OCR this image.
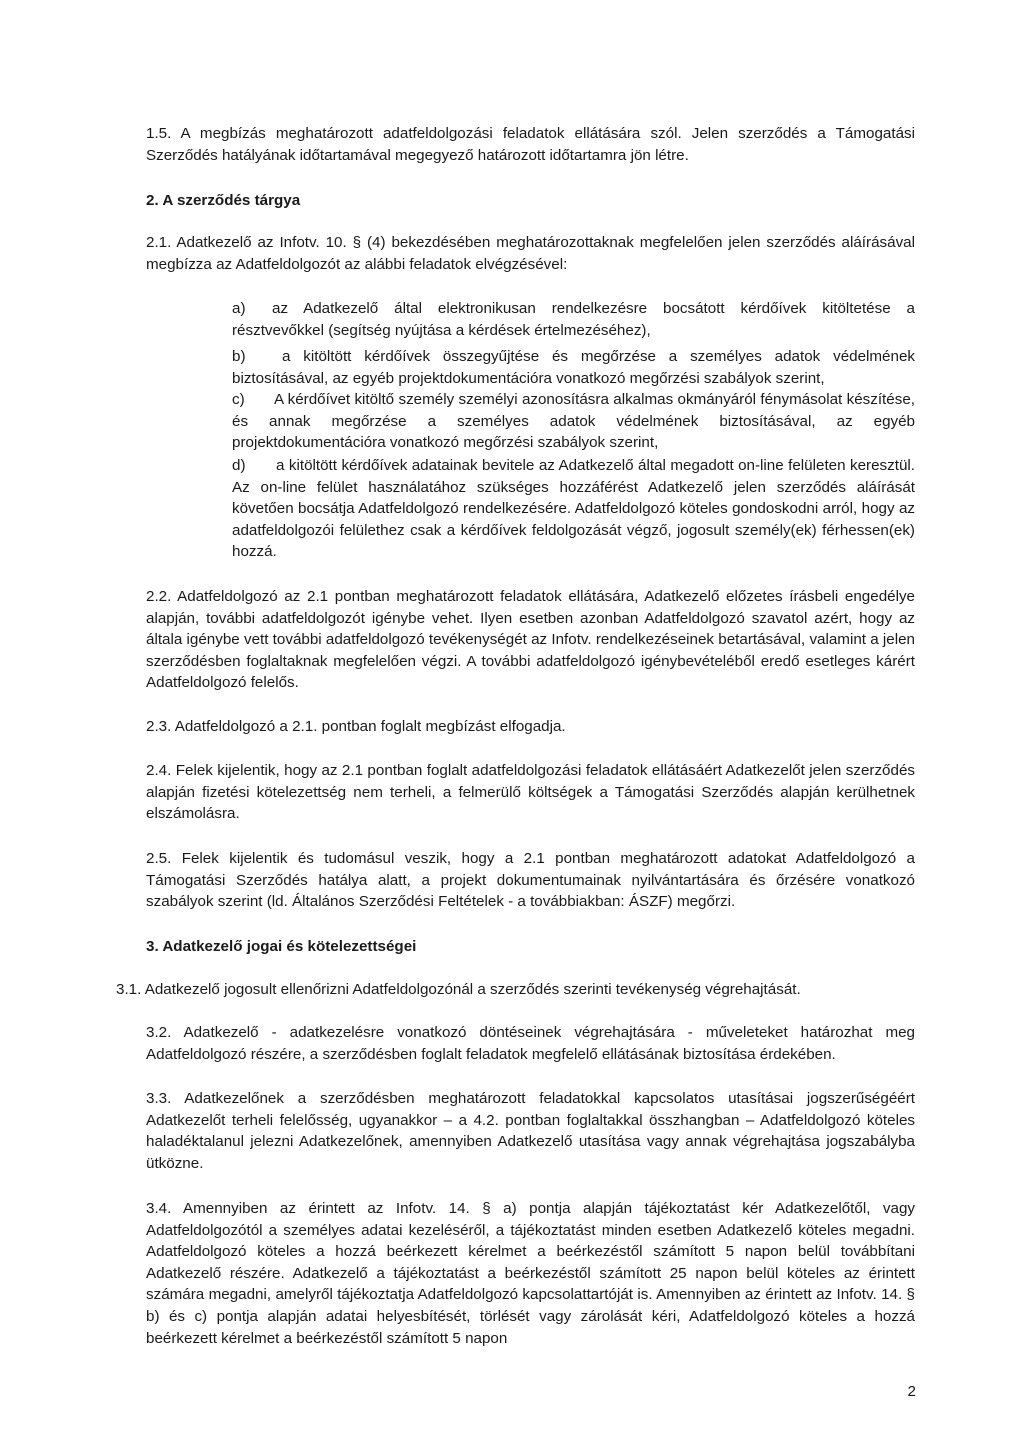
1.5. A megbízás meghatározott adatfeldolgozási feladatok ellátására szól. Jelen szerződés a Támogatási Szerződés hatályának időtartamával megegyező határozott időtartamra jön létre.
2. A szerződés tárgya
2.1. Adatkezelő az Infotv. 10. § (4) bekezdésében meghatározottaknak megfelelően jelen szerződés aláírásával megbízza az Adatfeldolgozót az alábbi feladatok elvégzésével:
a)	az Adatkezelő által elektronikusan rendelkezésre bocsátott kérdőívek kitöltetése a résztvevőkkel (segítség nyújtása a kérdések értelmezéséhez),
b)	a kitöltött kérdőívek összegyűjtése és megőrzése a személyes adatok védelmének biztosításával, az egyéb projektdokumentációra vonatkozó megőrzési szabályok szerint,
c)	A kérdőívet kitöltő személy személyi azonosításra alkalmas okmányáról fénymásolat készítése, és annak megőrzése a személyes adatok védelmének biztosításával, az egyéb projektdokumentációra vonatkozó megőrzési szabályok szerint,
d)	a kitöltött kérdőívek adatainak bevitele az Adatkezelő által megadott on-line felületen keresztül. Az on-line felület használatához szükséges hozzáférést Adatkezelő jelen szerződés aláírását követően bocsátja Adatfeldolgozó rendelkezésére. Adatfeldolgozó köteles gondoskodni arról, hogy az adatfeldolgozói felülethez csak a kérdőívek feldolgozását végző, jogosult személy(ek) férhessen(ek) hozzá.
2.2. Adatfeldolgozó az 2.1 pontban meghatározott feladatok ellátására, Adatkezelő előzetes írásbeli engedélye alapján, további adatfeldolgozót igénybe vehet. Ilyen esetben azonban Adatfeldolgozó szavatol azért, hogy az általa igénybe vett további adatfeldolgozó tevékenységét az Infotv. rendelkezéseinek betartásával, valamint a jelen szerződésben foglaltaknak megfelelően végzi. A további adatfeldolgozó igénybevételéből eredő esetleges kárért Adatfeldolgozó felelős.
2.3. Adatfeldolgozó a 2.1. pontban foglalt megbízást elfogadja.
2.4. Felek kijelentik, hogy az 2.1 pontban foglalt adatfeldolgozási feladatok ellátásáért Adatkezelőt jelen szerződés alapján fizetési kötelezettség nem terheli, a felmerülő költségek a Támogatási Szerződés alapján kerülhetnek elszámolásra.
2.5. Felek kijelentik és tudomásul veszik, hogy a 2.1 pontban meghatározott adatokat Adatfeldolgozó a Támogatási Szerződés hatálya alatt, a projekt dokumentumainak nyilvántartására és őrzésére vonatkozó szabályok szerint (ld. Általános Szerződési Feltételek - a továbbiakban: ÁSZF) megőrzi.
3. Adatkezelő jogai és kötelezettségei
3.1. Adatkezelő jogosult ellenőrizni Adatfeldolgozónál a szerződés szerinti tevékenység végrehajtását.
3.2. Adatkezelő - adatkezelésre vonatkozó döntéseinek végrehajtására - műveleteket határozhat meg Adatfeldolgozó részére, a szerződésben foglalt feladatok megfelelő ellátásának biztosítása érdekében.
3.3. Adatkezelőnek a szerződésben meghatározott feladatokkal kapcsolatos utasításai jogszerűségéért Adatkezelőt terheli felelősség, ugyanakkor – a 4.2. pontban foglaltakkal összhangban – Adatfeldolgozó köteles haladéktalanul jelezni Adatkezelőnek, amennyiben Adatkezelő utasítása vagy annak végrehajtása jogszabályba ütközne.
3.4. Amennyiben az érintett az Infotv. 14. § a) pontja alapján tájékoztatást kér Adatkezelőtől, vagy Adatfeldolgozótól a személyes adatai kezeléséről, a tájékoztatást minden esetben Adatkezelő köteles megadni. Adatfeldolgozó köteles a hozzá beérkezett kérelmet a beérkezéstől számított 5 napon belül továbbítani Adatkezelő részére. Adatkezelő a tájékoztatást a beérkezéstől számított 25 napon belül köteles az érintett számára megadni, amelyről tájékoztatja Adatfeldolgozó kapcsolattartóját is. Amennyiben az érintett az Infotv. 14. § b) és c) pontja alapján adatai helyesbítését, törlését vagy zárolását kéri, Adatfeldolgozó köteles a hozzá beérkezett kérelmet a beérkezéstől számított 5 napon
2
